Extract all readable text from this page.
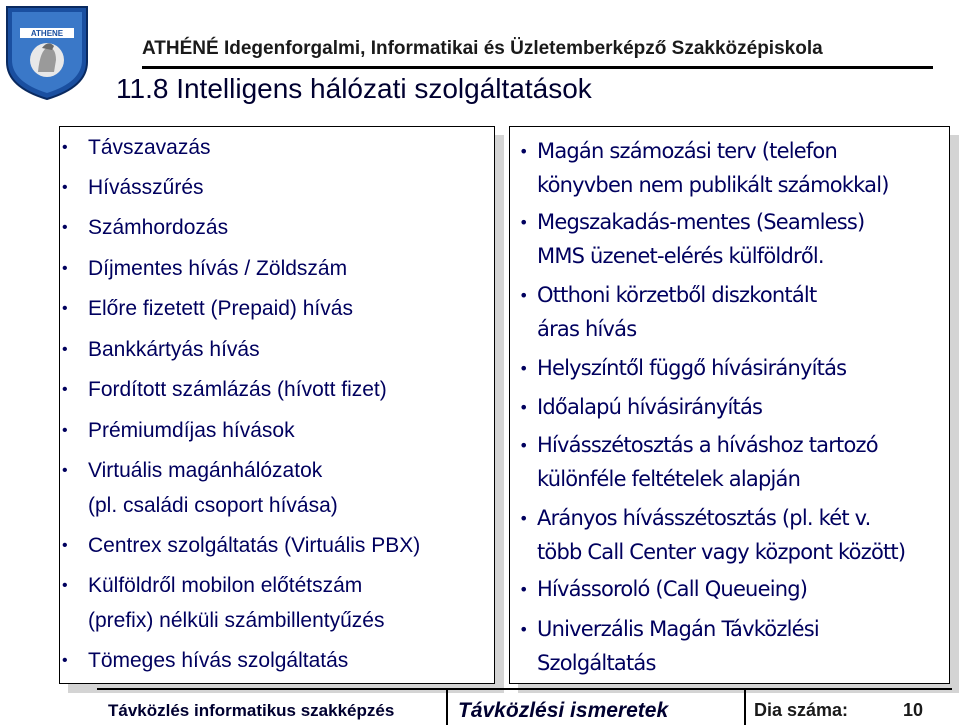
ATHENE
ATHÉNÉ Idegenforgalmi, Informatikai és Üzletemberképző Szakközépiskola
11.8 Intelligens hálózati szolgáltatások
• Távszavazás
• Hívásszűrés
• Számhordozás
• Díjmentes hívás / Zöldszám
• Előre fizetett (Prepaid) hívás
• Bankkártyás hívás
• Fordított számlázás (hívott fizet)
• Prémiumdíjas hívások
• Virtuális magánhálózatok
(pl. családi csoport hívása)
• Centrex szolgáltatás (Virtuális PBX)
• Külföldről mobilon előtétszám
(prefix) nélküli számbillentyűzés
• Tömeges hívás szolgáltatás
• Magán számozási terv (telefon
könyvben nem publikált számokkal)
• Megszakadás-mentes (Seamless)
MMS üzenet-elérés külföldről.
• Otthoni körzetből diszkontált
áras hívás
• Helyszíntől függő hívásirányítás
• Időalapú hívásirányítás
• Hívásszétosztás a híváshoz tartozó
különféle feltételek alapján
• Arányos hívásszétosztás (pl. két v.
több Call Center vagy központ között)
• Hívássoroló (Call Queueing)
• Univerzális Magán Távközlési
Szolgáltatás
Távközlés informatikus szakképzés	Távközlési ismeretek	Dia száma:	10
